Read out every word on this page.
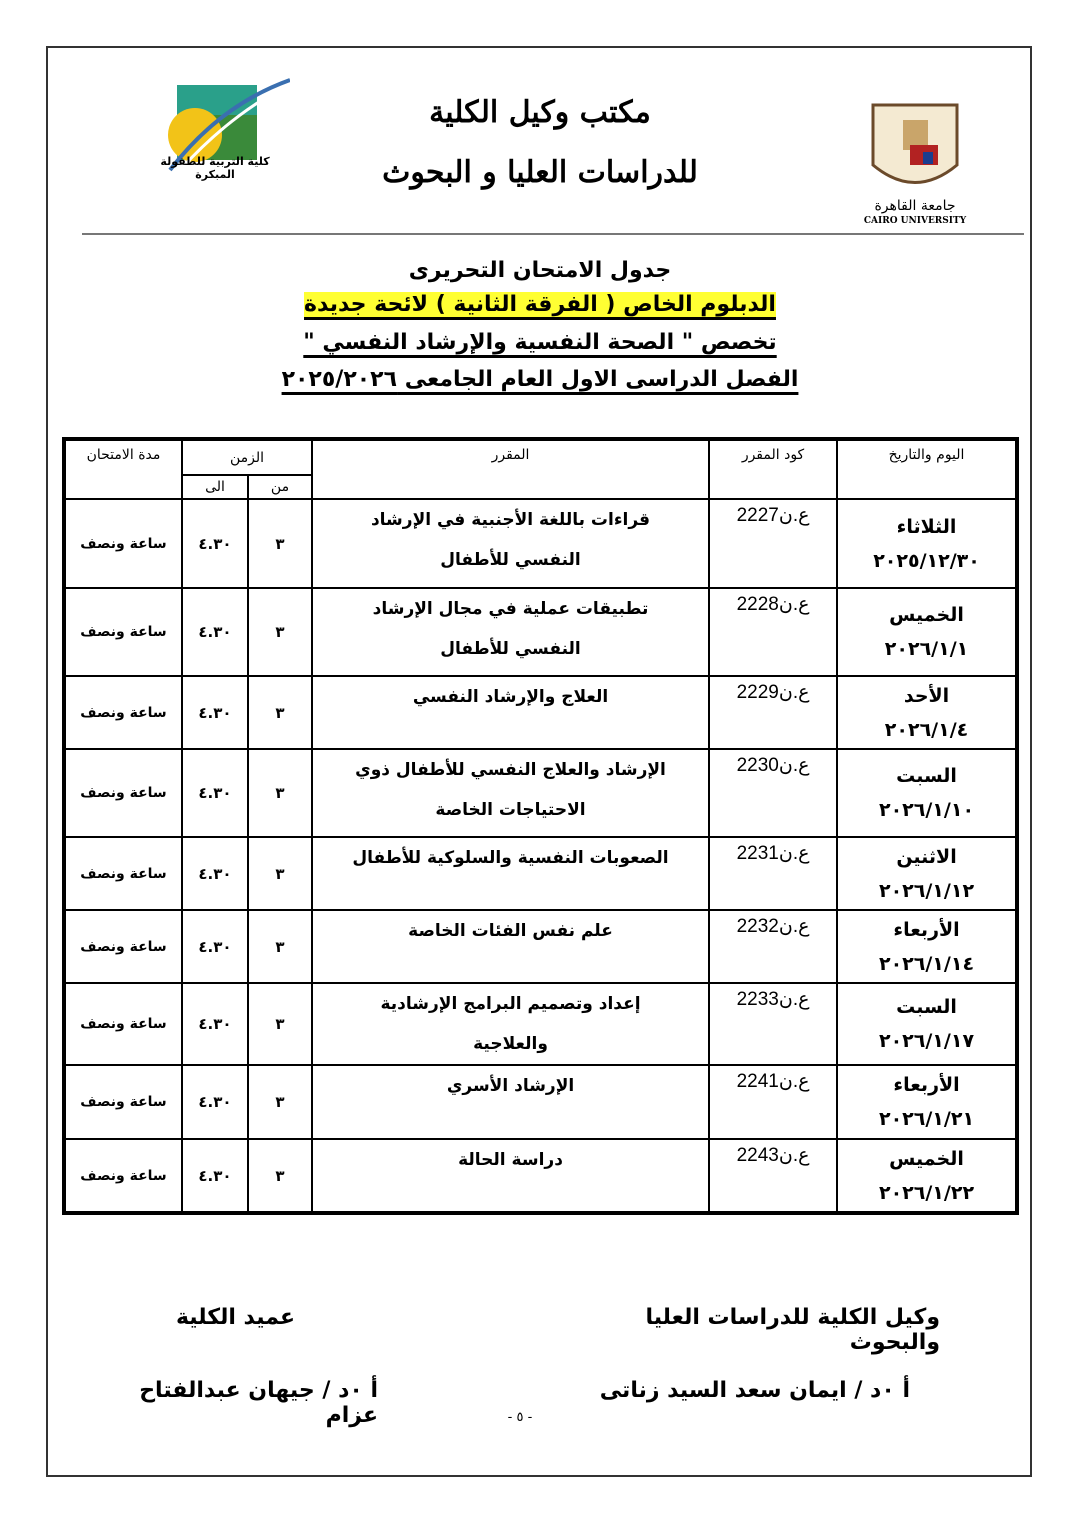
كلية التربية للطفولة المبكرة
مكتب وكيل الكلية
للدراسات العليا و البحوث
جامعة القاهرة
CAIRO UNIVERSITY
جدول الامتحان التحريرى
الدبلوم الخاص ( الفرقة الثانية ) لائحة جديدة
تخصص " الصحة النفسية والإرشاد النفسي "
الفصل الدراسى الاول العام الجامعى ٢٠٢٥/٢٠٢٦
مدة الامتحان	الزمن		المقرر	كود المقرر	اليوم والتاريخ
	الى	من			
ساعة ونصف	٤.٣٠	٣	قراءات باللغة الأجنبية في الإرشاد النفسي للأطفال	ع.ن2227	الثلاثاء
٢٠٢٥/١٢/٣٠

ساعة ونصف	٤.٣٠	٣	تطبيقات عملية في مجال الإرشاد النفسي للأطفال	ع.ن2228	الخميس
٢٠٢٦/١/١

ساعة ونصف	٤.٣٠	٣	العلاج والإرشاد النفسي	ع.ن2229	الأحد
٢٠٢٦/١/٤

ساعة ونصف	٤.٣٠	٣	الإرشاد والعلاج النفسي للأطفال ذوي الاحتياجات الخاصة	ع.ن2230	السبت
٢٠٢٦/١/١٠

ساعة ونصف	٤.٣٠	٣	الصعوبات النفسية والسلوكية للأطفال	ع.ن2231	الاثنين
٢٠٢٦/١/١٢

ساعة ونصف	٤.٣٠	٣	علم نفس الفئات الخاصة	ع.ن2232	الأربعاء
٢٠٢٦/١/١٤

ساعة ونصف	٤.٣٠	٣	إعداد وتصميم البرامج الإرشادية والعلاجية	ع.ن2233	السبت
٢٠٢٦/١/١٧

ساعة ونصف	٤.٣٠	٣	الإرشاد الأسري	ع.ن2241	الأربعاء
٢٠٢٦/١/٢١

ساعة ونصف	٤.٣٠	٣	دراسة الحالة	ع.ن2243	الخميس
٢٠٢٦/١/٢٢
وكيل الكلية للدراسات العليا والبحوث
أ ٠د / ايمان سعد السيد زناتى
عميد الكلية
أ ٠د / جيهان عبدالفتاح عزام	- ٥ -
